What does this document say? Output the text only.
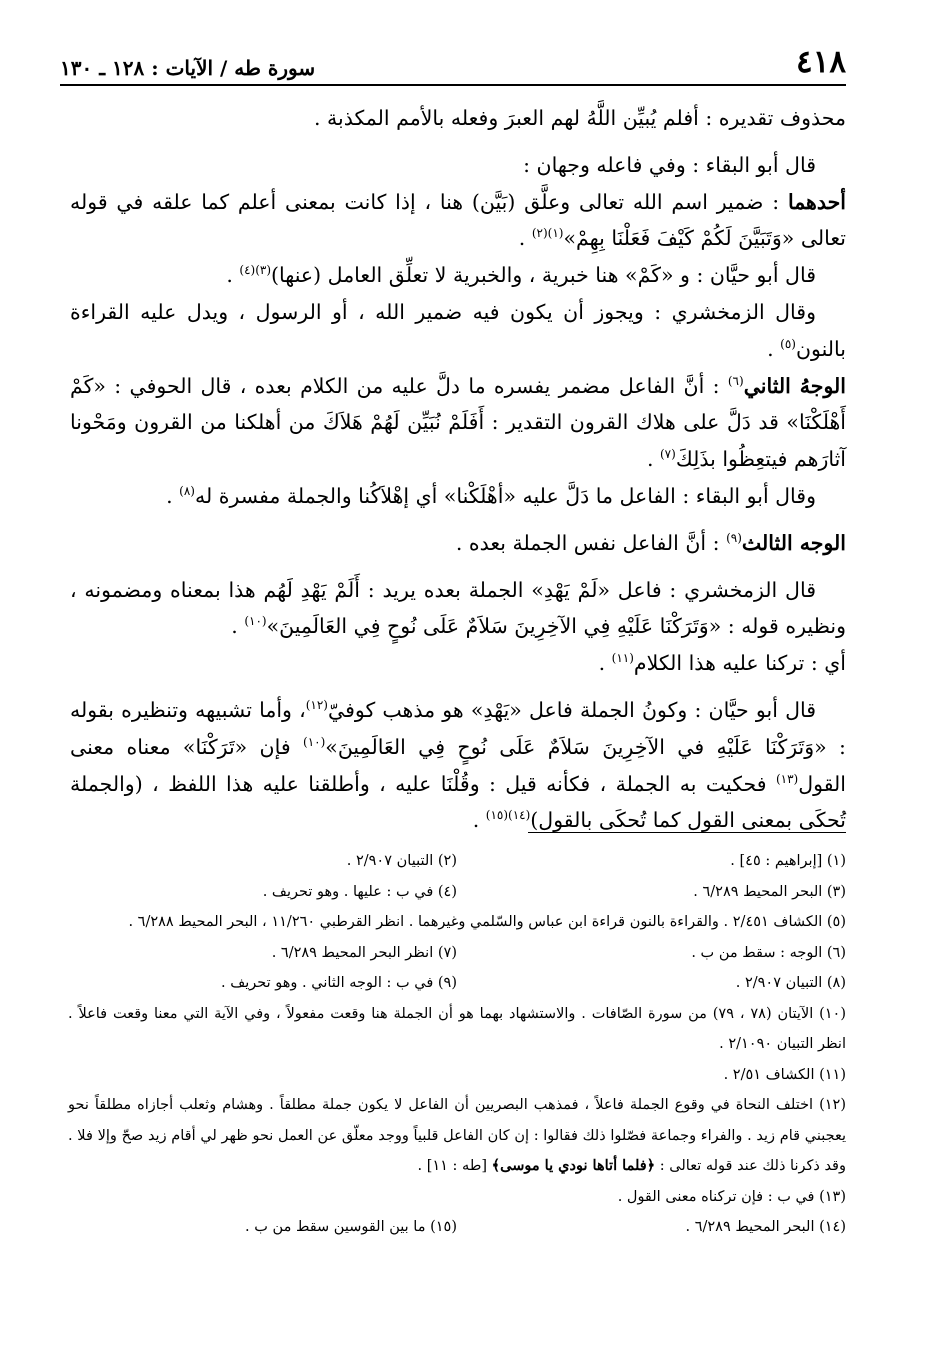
٤١٨
سورة طه / الآيات : ١٢٨ ـ ١٣٠

محذوف تقديره : أفلم يُبيِّن اللَّهُ لهم العبرَ وفعله بالأمم المكذبة .

قال أبو البقاء : وفي فاعله وجهان :

أحدهما : ضمير اسم الله تعالى وعلَّق (بَيَّن) هنا ، إذا كانت بمعنى أعلم كما علقه في قوله تعالى «وَتَبَيَّنَ لَكُمْ كَيْفَ فَعَلْنَا بِهِمْ»$^{(١)(٢)}$ .

قال أبو حيَّان : و «كَمْ» هنا خبرية ، والخبرية لا تعلِّق العامل (عنها)$^{(٣)(٤)}$ .

وقال الزمخشري : ويجوز أن يكون فيه ضمير الله ، أو الرسول ، ويدل عليه القراءة بالنون$^{(٥)}$ .

الوجهُ الثاني$^{(٦)}$ : أنَّ الفاعل مضمر يفسره ما دلَّ عليه من الكلام بعده ، قال الحوفي : «كَمْ أَهْلَكْنَا» قد دَلَّ على هلاك القرون التقدير : أَفَلَمْ نُبَيِّن لَهُمْ هَلاَكَ من أهلكنا من القرون ومَحْونا آثارَهم فيتعِظُوا بذَلِكَ$^{(٧)}$ .

وقال أبو البقاء : الفاعل ما دَلَّ عليه «أهْلَكْنا» أي إهْلاَكُنا والجملة مفسرة له$^{(٨)}$ .

الوجه الثالث$^{(٩)}$ : أنَّ الفاعل نفس الجملة بعده .

قال الزمخشري : فاعل «لَمْ يَهْدِ» الجملة بعده يريد : أَلَمْ يَهْدِ لَهُم هذا بمعناه ومضمونه ، ونظيره قوله : «وَتَرَكْنَا عَلَيْهِ فِي الآخِرِينَ سَلاَمٌ عَلَى نُوحٍ فِي العَالَمِينَ»$^{(١٠)}$ .

أي : تركنا عليه هذا الكلام$^{(١١)}$ .

قال أبو حيَّان : وكونُ الجملة فاعل «يَهْدِ» هو مذهب كوفيّ$^{(١٢)}$، وأما تشبيهه وتنظيره بقوله : «وَتَرَكْنَا عَلَيْهِ في الآخِرِينَ سَلاَمٌ عَلَى نُوحٍ فِي العَالَمِينَ»$^{(١٠)}$ فإن «تَرَكْنَا» معناه معنى القول$^{(١٣)}$ فحكيت به الجملة ، فكأنه قيل : وقُلْنَا عليه ، وأطلقنا عليه هذا اللفظ ، (والجملة تُحكَى بمعنى القول كما تُحكَى بالقول)$^{(١٤)(١٥)}$ .

(١) [إبراهيم : ٤٥] .
(٢) التبيان ٢/٩٠٧ .
(٣) البحر المحيط ٦/٢٨٩ .
(٤) في ب : عليها . وهو تحريف .
(٥) الكشاف ٢/٤٥١ . والقراءة بالنون قراءة ابن عباس والسّلمي وغيرهما . انظر القرطبي ١١/٢٦٠ ، البحر المحيط ٦/٢٨٨ .
(٦) الوجه : سقط من ب .
(٧) انظر البحر المحيط ٦/٢٨٩ .
(٨) التبيان ٢/٩٠٧ .
(٩) في ب : الوجه الثاني . وهو تحريف .
(١٠) الآيتان (٧٨ ، ٧٩) من سورة الصّافات . والاستشهاد بهما هو أن الجملة هنا وقعت مفعولاً ، وفي الآية التي معنا وقعت فاعلاً . انظر التبيان ٢/١٠٩٠ .
(١١) الكشاف ٢/٥١ .
(١٢) اختلف النحاة في وقوع الجملة فاعلاً ، فمذهب البصريين أن الفاعل لا يكون جملة مطلقاً . وهشام وثعلب أجازاه مطلقاً نحو يعجبني قام زيد . والفراء وجماعة فصّلوا ذلك فقالوا : إن كان الفاعل قلبياً ووجد معلّق عن العمل نحو ظهر لي أقام زيد صحّ وإلا فلا . وقد ذكرنا ذلك عند قوله تعالى : ﴿فلما أتاها نودي يا موسى﴾ [طه : ١١] .
(١٣) في ب : فإن تركناه معنى القول .
(١٤) البحر المحيط ٦/٢٨٩ .
(١٥) ما بين القوسين سقط من ب .
